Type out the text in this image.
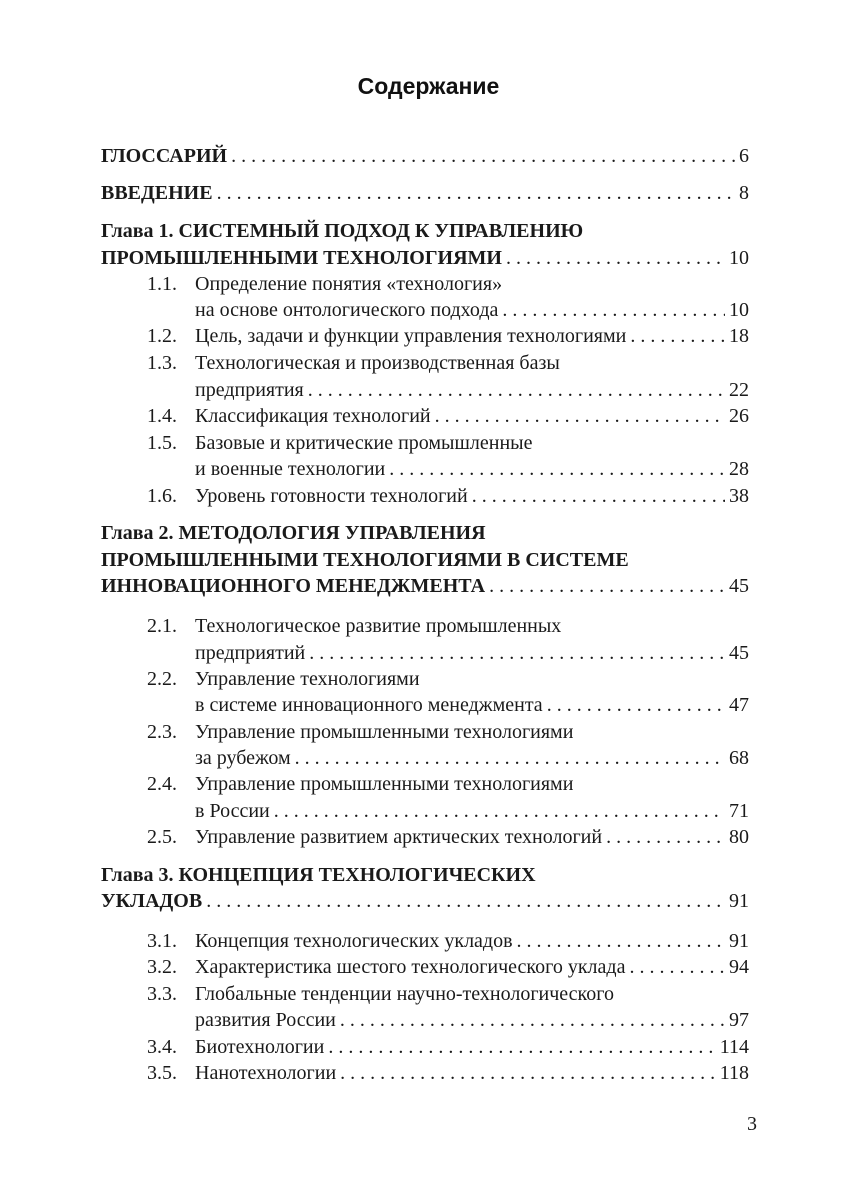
Содержание
ГЛОССАРИЙ . . .	6
ВВЕДЕНИЕ . . .	8
Глава 1. СИСТЕМНЫЙ ПОДХОД К УПРАВЛЕНИЮ
ПРОМЫШЛЕННЫМИ ТЕХНОЛОГИЯМИ . . .	10
1.1. Определение понятия «технология»
на основе онтологического подхода . . .	10
1.2. Цель, задачи и функции управления технологиями . . .	18
1.3. Технологическая и производственная базы
предприятия . . .	22
1.4. Классификация технологий . . .	26
1.5. Базовые и критические промышленные
и военные технологии . . .	28
1.6. Уровень готовности технологий . . .	38
Глава 2. МЕТОДОЛОГИЯ УПРАВЛЕНИЯ
ПРОМЫШЛЕННЫМИ ТЕХНОЛОГИЯМИ В СИСТЕМЕ
ИННОВАЦИОННОГО МЕНЕДЖМЕНТА . . .	45
2.1. Технологическое развитие промышленных
предприятий . . .	45
2.2. Управление технологиями
в системе инновационного менеджмента . . .	47
2.3. Управление промышленными технологиями
за рубежом . . .	68
2.4. Управление промышленными технологиями
в России . . .	71
2.5. Управление развитием арктических технологий . . .	80
Глава 3. КОНЦЕПЦИЯ ТЕХНОЛОГИЧЕСКИХ
УКЛАДОВ . . .	91
3.1. Концепция технологических укладов . . .	91
3.2. Характеристика шестого технологического уклада . . .	94
3.3. Глобальные тенденции научно-технологического
развития России . . .	97
3.4. Биотехнологии . . .	114
3.5. Нанотехнологии . . .	118
3
